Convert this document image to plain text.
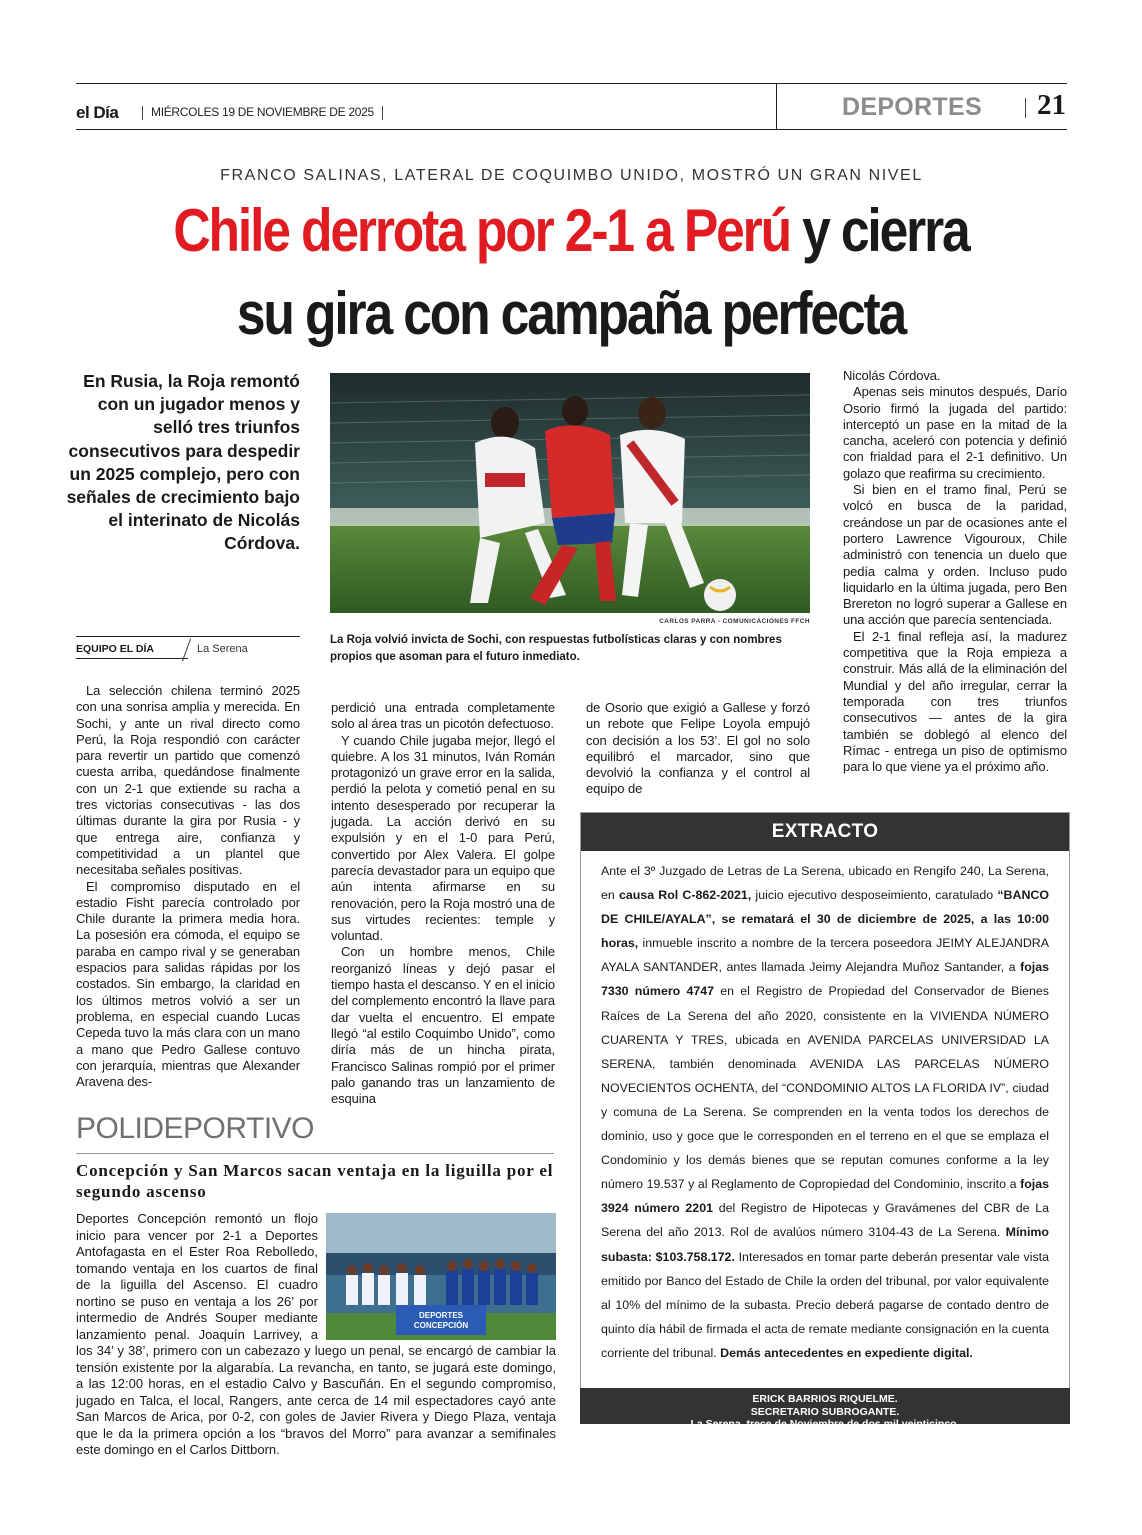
el Día	MIÉRCOLES 19 DE NOVIEMBRE DE 2025	DEPORTES 21
FRANCO SALINAS, LATERAL DE COQUIMBO UNIDO, MOSTRÓ UN GRAN NIVEL
Chile derrota por 2-1 a Perú y cierra
su gira con campaña perfecta
En Rusia, la Roja remontó con un jugador menos y selló tres triunfos consecutivos para despedir un 2025 complejo, pero con señales de crecimiento bajo el interinato de Nicolás Córdova.
EQUIPO EL DÍA	La Serena
CARLOS PARRA - COMUNICACIONES FFCH
La Roja volvió invicta de Sochi, con respuestas futbolísticas claras y con nombres propios que asoman para el futuro inmediato.

La selección chilena terminó 2025 con una sonrisa amplia y merecida. En Sochi, y ante un rival directo como Perú, la Roja respondió con carácter para revertir un partido que comenzó cuesta arriba, quedándose finalmente con un 2-1 que extiende su racha a tres victorias consecutivas - las dos últimas durante la gira por Rusia - y que entrega aire, confianza y competitividad a un plantel que necesitaba señales positivas.

El compromiso disputado en el estadio Fisht parecía controlado por Chile durante la primera media hora. La posesión era cómoda, el equipo se paraba en campo rival y se generaban espacios para salidas rápidas por los costados. Sin embargo, la claridad en los últimos metros volvió a ser un problema, en especial cuando Lucas Cepeda tuvo la más clara con un mano a mano que Pedro Gallese contuvo con jerarquía, mientras que Alexander Aravena des-

perdició una entrada completamente solo al área tras un picotón defectuoso.

Y cuando Chile jugaba mejor, llegó el quiebre. A los 31 minutos, Iván Román protagonizó un grave error en la salida, perdió la pelota y cometió penal en su intento desesperado por recuperar la jugada. La acción derivó en su expulsión y en el 1-0 para Perú, convertido por Alex Valera. El golpe parecía devastador para un equipo que aún intenta afirmarse en su renovación, pero la Roja mostró una de sus virtudes recientes: temple y voluntad.

Con un hombre menos, Chile reorganizó líneas y dejó pasar el tiempo hasta el descanso. Y en el inicio del complemento encontró la llave para dar vuelta el encuentro. El empate llegó “al estilo Coquimbo Unido”, como diría más de un hincha pirata, Francisco Salinas rompió por el primer palo ganando tras un lanzamiento de esquina

de Osorio que exigió a Gallese y forzó un rebote que Felipe Loyola empujó con decisión a los 53’. El gol no solo equilibró el marcador, sino que devolvió la confianza y el control al equipo de

Nicolás Córdova.

Apenas seis minutos después, Darío Osorio firmó la jugada del partido: interceptó un pase en la mitad de la cancha, aceleró con potencia y definió con frialdad para el 2-1 definitivo. Un golazo que reafirma su crecimiento.

Si bien en el tramo final, Perú se volcó en busca de la paridad, creándose un par de ocasiones ante el portero Lawrence Vigouroux, Chile administró con tenencia un duelo que pedía calma y orden. Incluso pudo liquidarlo en la última jugada, pero Ben Brereton no logró superar a Gallese en una acción que parecía sentenciada.

El 2-1 final refleja así, la madurez competitiva que la Roja empieza a construir. Más allá de la eliminación del Mundial y del año irregular, cerrar la temporada con tres triunfos consecutivos — antes de la gira también se doblegó al elenco del Rímac - entrega un piso de optimismo para lo que viene ya el próximo año.

POLIDEPORTIVO
Concepción y San Marcos sacan ventaja en la liguilla por el segundo ascenso
Deportes Concepción remontó un flojo inicio para vencer por 2-1 a Deportes Antofagasta en el Ester Roa Rebolledo, tomando ventaja en los cuartos de final de la liguilla del Ascenso. El cuadro nortino se puso en ventaja a los 26’ por intermedio de Andrés Souper mediante lanzamiento penal. Joaquín Larrivey, a los 34’ y 38’, primero con un cabezazo y luego un penal, se encargó de cambiar la tensión existente por la algarabía. La revancha, en tanto, se jugará este domingo, a las 12:00 horas, en el estadio Calvo y Bascuñán. En el segundo compromiso, jugado en Talca, el local, Rangers, ante cerca de 14 mil espectadores cayó ante San Marcos de Arica, por 0-2, con goles de Javier Rivera y Diego Plaza, ventaja que le da la primera opción a los “bravos del Morro” para avanzar a semifinales este domingo en el Carlos Dittborn.
DEPORTES
CONCEPCIÓN
EXTRACTO
Ante el 3º Juzgado de Letras de La Serena, ubicado en Rengifo 240, La Serena, en causa Rol C-862-2021, juicio ejecutivo desposeimiento, caratulado “BANCO DE CHILE/AYALA”, se rematará el 30 de diciembre de 2025, a las 10:00 horas, inmueble inscrito a nombre de la tercera poseedora JEIMY ALEJANDRA AYALA SANTANDER, antes llamada Jeimy Alejandra Muñoz Santander, a fojas 7330 número 4747 en el Registro de Propiedad del Conservador de Bienes Raíces de La Serena del año 2020, consistente en la VIVIENDA NÚMERO CUARENTA Y TRES, ubicada en AVENIDA PARCELAS UNIVERSIDAD LA SERENA, también denominada AVENIDA LAS PARCELAS NÚMERO NOVECIENTOS OCHENTA, del “CONDOMINIO ALTOS LA FLORIDA IV”, ciudad y comuna de La Serena. Se comprenden en la venta todos los derechos de dominio, uso y goce que le corresponden en el terreno en el que se emplaza el Condominio y los demás bienes que se reputan comunes conforme a la ley número 19.537 y al Reglamento de Copropiedad del Condominio, inscrito a fojas 3924 número 2201 del Registro de Hipotecas y Gravámenes del CBR de La Serena del año 2013. Rol de avalúos número 3104-43 de La Serena. Mínimo subasta: $103.758.172. Interesados en tomar parte deberán presentar vale vista emitido por Banco del Estado de Chile la orden del tribunal, por valor equivalente al 10% del mínimo de la subasta. Precio deberá pagarse de contado dentro de quinto día hábil de firmada el acta de remate mediante consignación en la cuenta corriente del tribunal. Demás antecedentes en expediente digital.
ERICK BARRIOS RIQUELME.
SECRETARIO SUBROGANTE.
La Serena, trece de Noviembre de dos mil veinticinco.
